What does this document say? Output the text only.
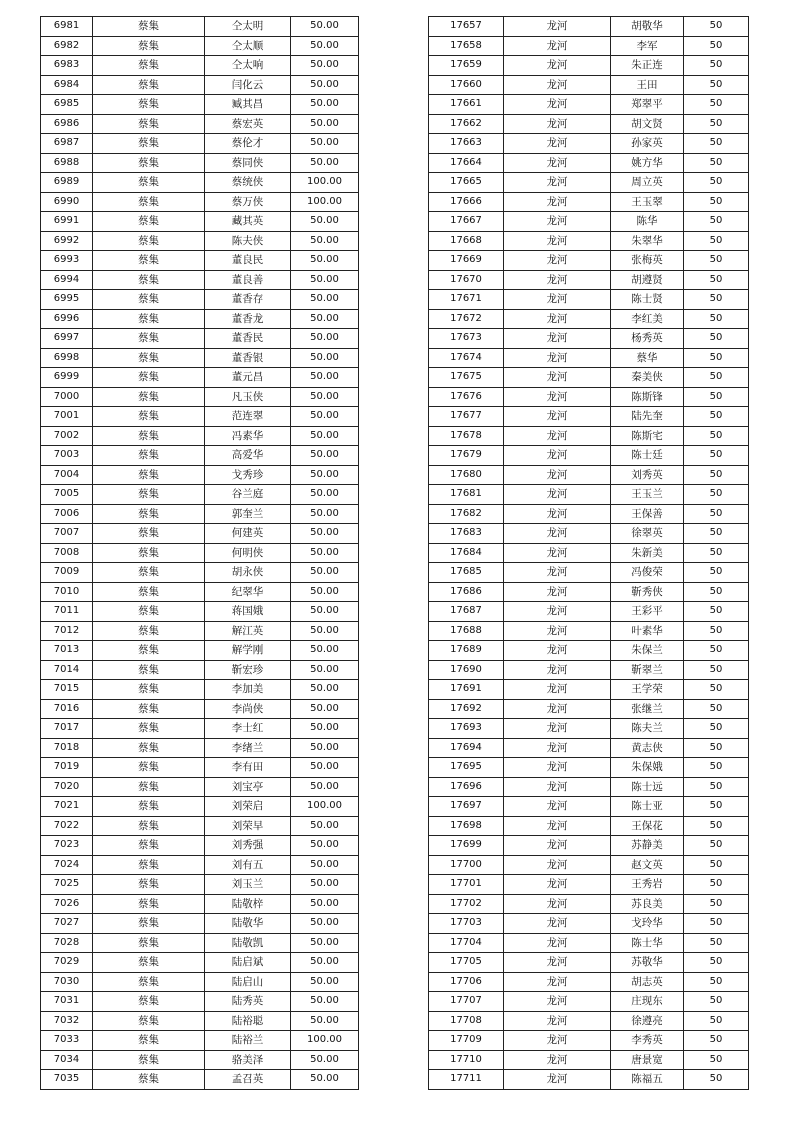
6981	蔡集	仝太明	50.00
6982	蔡集	仝太顺	50.00
6983	蔡集	仝太响	50.00
6984	蔡集	闫化云	50.00
6985	蔡集	臧其昌	50.00
6986	蔡集	蔡宏英	50.00
6987	蔡集	蔡伦才	50.00
6988	蔡集	蔡同侠	50.00
6989	蔡集	蔡统侠	100.00
6990	蔡集	蔡万侠	100.00
6991	蔡集	藏其英	50.00
6992	蔡集	陈夫侠	50.00
6993	蔡集	董良民	50.00
6994	蔡集	董良善	50.00
6995	蔡集	董香存	50.00
6996	蔡集	董香龙	50.00
6997	蔡集	董香民	50.00
6998	蔡集	董香银	50.00
6999	蔡集	董元昌	50.00
7000	蔡集	凡玉侠	50.00
7001	蔡集	范连翠	50.00
7002	蔡集	冯素华	50.00
7003	蔡集	高爱华	50.00
7004	蔡集	戈秀珍	50.00
7005	蔡集	谷兰庭	50.00
7006	蔡集	郭奎兰	50.00
7007	蔡集	何建英	50.00
7008	蔡集	何明侠	50.00
7009	蔡集	胡永侠	50.00
7010	蔡集	纪翠华	50.00
7011	蔡集	蒋国娥	50.00
7012	蔡集	解江英	50.00
7013	蔡集	解学刚	50.00
7014	蔡集	靳宏珍	50.00
7015	蔡集	李加美	50.00
7016	蔡集	李尚侠	50.00
7017	蔡集	李士红	50.00
7018	蔡集	李绪兰	50.00
7019	蔡集	李有田	50.00
7020	蔡集	刘宝亭	50.00
7021	蔡集	刘荣启	100.00
7022	蔡集	刘荣早	50.00
7023	蔡集	刘秀强	50.00
7024	蔡集	刘有五	50.00
7025	蔡集	刘玉兰	50.00
7026	蔡集	陆敬梓	50.00
7027	蔡集	陆敬华	50.00
7028	蔡集	陆敬凯	50.00
7029	蔡集	陆启斌	50.00
7030	蔡集	陆启山	50.00
7031	蔡集	陆秀英	50.00
7032	蔡集	陆裕聪	50.00
7033	蔡集	陆裕兰	100.00
7034	蔡集	骆美泽	50.00
7035	蔡集	孟召英	50.00
17657	龙河	胡敬华	50
17658	龙河	李军	50
17659	龙河	朱正连	50
17660	龙河	王田	50
17661	龙河	郑翠平	50
17662	龙河	胡文贤	50
17663	龙河	孙家英	50
17664	龙河	姚方华	50
17665	龙河	周立英	50
17666	龙河	王玉翠	50
17667	龙河	陈华	50
17668	龙河	朱翠华	50
17669	龙河	张梅英	50
17670	龙河	胡遵贤	50
17671	龙河	陈士贤	50
17672	龙河	李红美	50
17673	龙河	杨秀英	50
17674	龙河	蔡华	50
17675	龙河	秦美侠	50
17676	龙河	陈斯锋	50
17677	龙河	陆先奎	50
17678	龙河	陈斯宅	50
17679	龙河	陈士廷	50
17680	龙河	刘秀英	50
17681	龙河	王玉兰	50
17682	龙河	王保善	50
17683	龙河	徐翠英	50
17684	龙河	朱新美	50
17685	龙河	冯俊荣	50
17686	龙河	靳秀侠	50
17687	龙河	王彩平	50
17688	龙河	叶素华	50
17689	龙河	朱保兰	50
17690	龙河	靳翠兰	50
17691	龙河	王学荣	50
17692	龙河	张继兰	50
17693	龙河	陈夫兰	50
17694	龙河	黄志侠	50
17695	龙河	朱保娥	50
17696	龙河	陈士远	50
17697	龙河	陈士亚	50
17698	龙河	王保花	50
17699	龙河	苏静美	50
17700	龙河	赵文英	50
17701	龙河	王秀岩	50
17702	龙河	苏良美	50
17703	龙河	戈玲华	50
17704	龙河	陈士华	50
17705	龙河	苏敬华	50
17706	龙河	胡志英	50
17707	龙河	庄现东	50
17708	龙河	徐遵亮	50
17709	龙河	李秀英	50
17710	龙河	唐景宽	50
17711	龙河	陈福五	50
